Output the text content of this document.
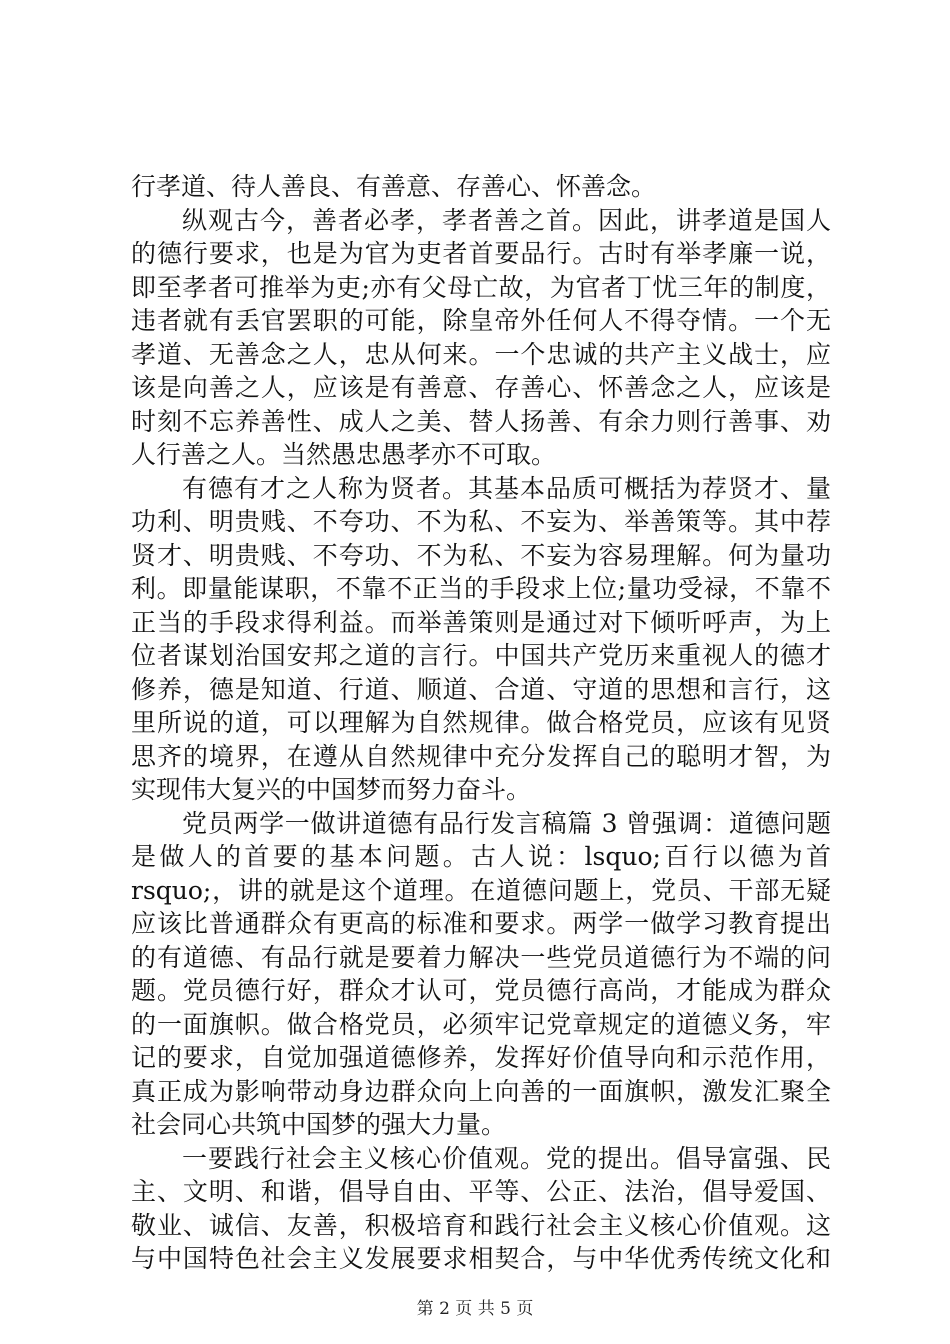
行孝道、待人善良、有善意、存善心、怀善念。
纵观古今，善者必孝，孝者善之首。因此，讲孝道是国人
的德行要求，也是为官为吏者首要品行。古时有举孝廉一说，
即至孝者可推举为吏;亦有父母亡故，为官者丁忧三年的制度，
违者就有丢官罢职的可能，除皇帝外任何人不得夺情。一个无
孝道、无善念之人，忠从何来。一个忠诚的共产主义战士，应
该是向善之人，应该是有善意、存善心、怀善念之人，应该是
时刻不忘养善性、成人之美、替人扬善、有余力则行善事、劝
人行善之人。当然愚忠愚孝亦不可取。
有德有才之人称为贤者。其基本品质可概括为荐贤才、量
功利、明贵贱、不夸功、不为私、不妄为、举善策等。其中荐
贤才、明贵贱、不夸功、不为私、不妄为容易理解。何为量功
利。即量能谋职，不靠不正当的手段求上位;量功受禄，不靠不
正当的手段求得利益。而举善策则是通过对下倾听呼声，为上
位者谋划治国安邦之道的言行。中国共产党历来重视人的德才
修养，德是知道、行道、顺道、合道、守道的思想和言行，这
里所说的道，可以理解为自然规律。做合格党员，应该有见贤
思齐的境界，在遵从自然规律中充分发挥自己的聪明才智，为
实现伟大复兴的中国梦而努力奋斗。
党员两学一做讲道德有品行发言稿篇 3 曾强调：道德问题
是做人的首要的基本问题。古人说：lsquo;百行以德为首
rsquo;，讲的就是这个道理。在道德问题上，党员、干部无疑
应该比普通群众有更高的标准和要求。两学一做学习教育提出
的有道德、有品行就是要着力解决一些党员道德行为不端的问
题。党员德行好，群众才认可，党员德行高尚，才能成为群众
的一面旗帜。做合格党员，必须牢记党章规定的道德义务，牢
记的要求，自觉加强道德修养，发挥好价值导向和示范作用，
真正成为影响带动身边群众向上向善的一面旗帜，激发汇聚全
社会同心共筑中国梦的强大力量。
一要践行社会主义核心价值观。党的提出。倡导富强、民
主、文明、和谐，倡导自由、平等、公正、法治，倡导爱国、
敬业、诚信、友善，积极培育和践行社会主义核心价值观。这
与中国特色社会主义发展要求相契合，与中华优秀传统文化和
第 2 页 共 5 页
